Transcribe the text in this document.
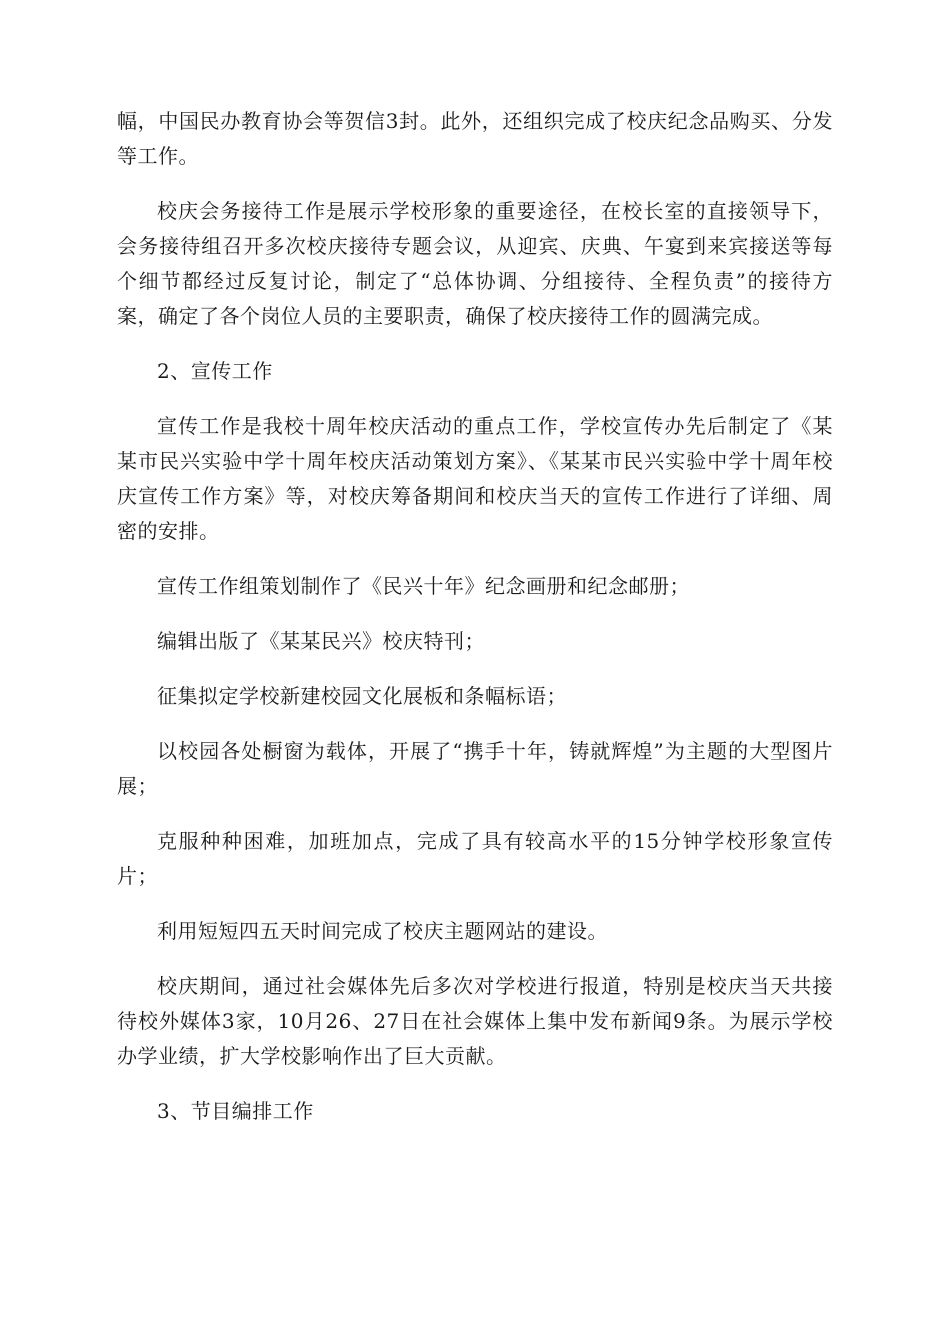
幅，中国民办教育协会等贺信3封。此外，还组织完成了校庆纪念品购买、分发等工作。

校庆会务接待工作是展示学校形象的重要途径，在校长室的直接领导下，会务接待组召开多次校庆接待专题会议，从迎宾、庆典、午宴到来宾接送等每个细节都经过反复讨论，制定了“总体协调、分组接待、全程负责”的接待方案，确定了各个岗位人员的主要职责，确保了校庆接待工作的圆满完成。

2、宣传工作

宣传工作是我校十周年校庆活动的重点工作，学校宣传办先后制定了《某某市民兴实验中学十周年校庆活动策划方案》、《某某市民兴实验中学十周年校庆宣传工作方案》等，对校庆筹备期间和校庆当天的宣传工作进行了详细、周密的安排。

宣传工作组策划制作了《民兴十年》纪念画册和纪念邮册；

编辑出版了《某某民兴》校庆特刊；

征集拟定学校新建校园文化展板和条幅标语；

以校园各处橱窗为载体，开展了“携手十年，铸就辉煌”为主题的大型图片展；

克服种种困难，加班加点，完成了具有较高水平的15分钟学校形象宣传片；

利用短短四五天时间完成了校庆主题网站的建设。

校庆期间，通过社会媒体先后多次对学校进行报道，特别是校庆当天共接待校外媒体3家，10月26、27日在社会媒体上集中发布新闻9条。为展示学校办学业绩，扩大学校影响作出了巨大贡献。

3、节目编排工作
